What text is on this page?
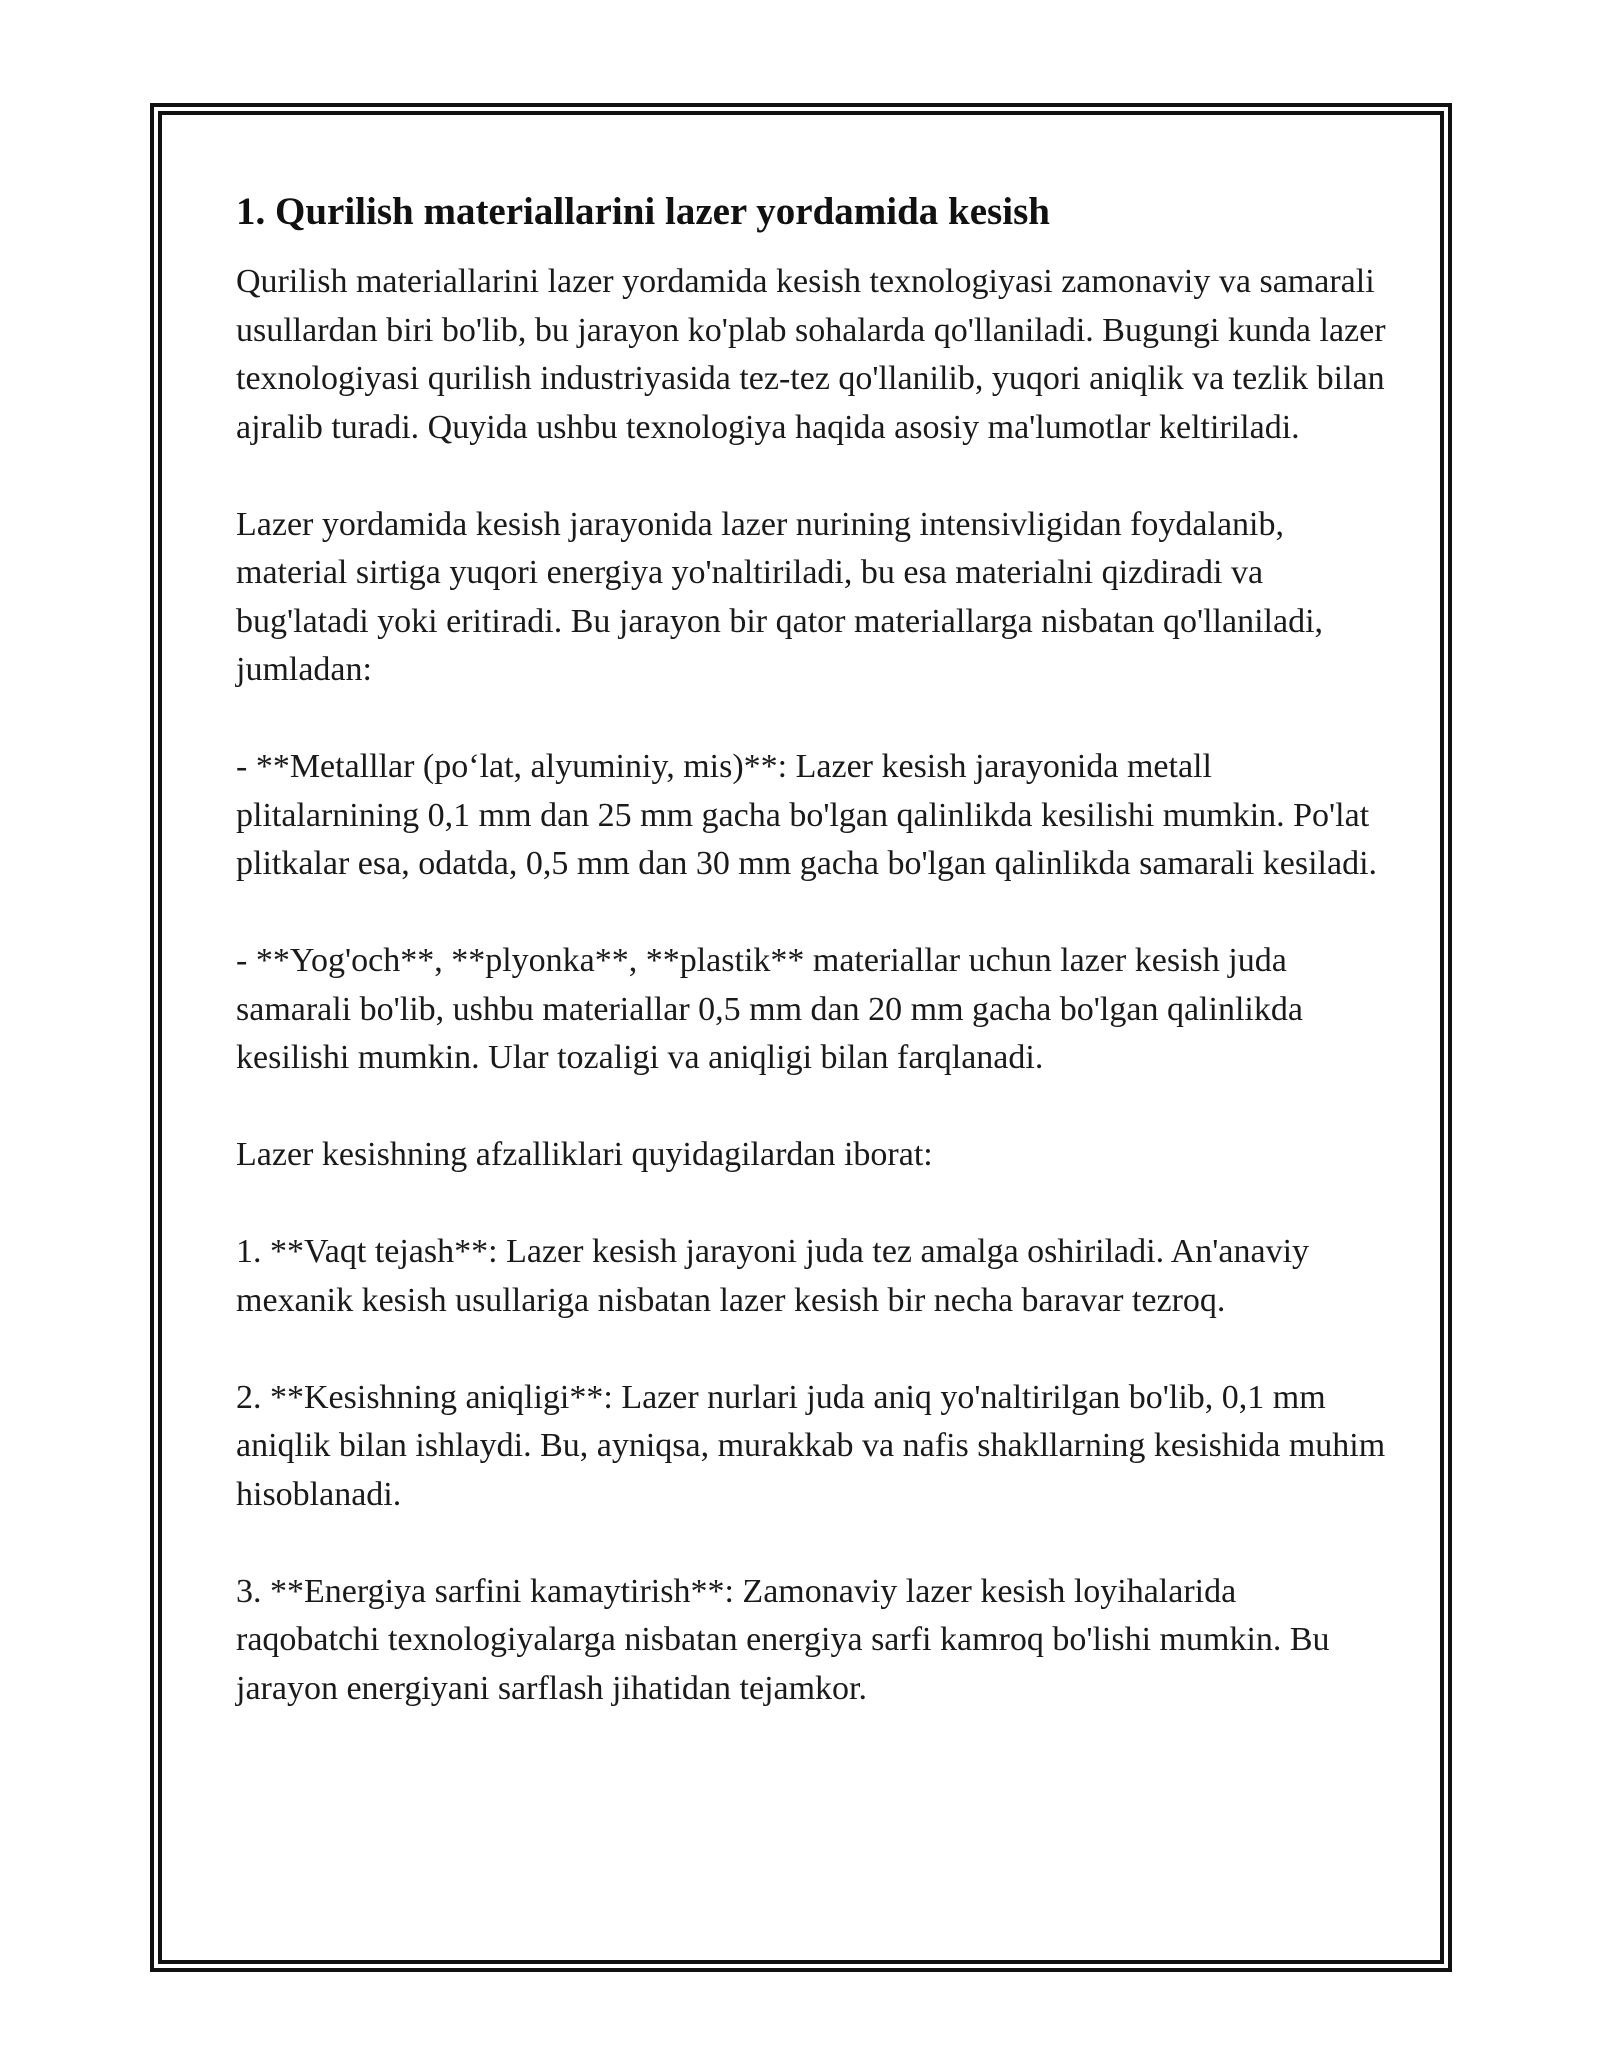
1. Qurilish materiallarini lazer yordamida kesish

Qurilish materiallarini lazer yordamida kesish texnologiyasi zamonaviy va samarali usullardan biri bo'lib, bu jarayon ko'plab sohalarda qo'llaniladi. Bugungi kunda lazer texnologiyasi qurilish industriyasida tez-tez qo'llanilib, yuqori aniqlik va tezlik bilan ajralib turadi. Quyida ushbu texnologiya haqida asosiy ma'lumotlar keltiriladi.

Lazer yordamida kesish jarayonida lazer nurining intensivligidan foydalanib, material sirtiga yuqori energiya yo'naltiriladi, bu esa materialni qizdiradi va bug'latadi yoki eritiradi. Bu jarayon bir qator materiallarga nisbatan qo'llaniladi, jumladan:

- **Metalllar (po‘lat, alyuminiy, mis)**: Lazer kesish jarayonida metall plitalarnining 0,1 mm dan 25 mm gacha bo'lgan qalinlikda kesilishi mumkin. Po'lat plitkalar esa, odatda, 0,5 mm dan 30 mm gacha bo'lgan qalinlikda samarali kesiladi.

- **Yog'och**, **plyonka**, **plastik** materiallar uchun lazer kesish juda samarali bo'lib, ushbu materiallar 0,5 mm dan 20 mm gacha bo'lgan qalinlikda kesilishi mumkin. Ular tozaligi va aniqligi bilan farqlanadi.

Lazer kesishning afzalliklari quyidagilardan iborat:

1. **Vaqt tejash**: Lazer kesish jarayoni juda tez amalga oshiriladi. An'anaviy mexanik kesish usullariga nisbatan lazer kesish bir necha baravar tezroq.

2. **Kesishning aniqligi**: Lazer nurlari juda aniq yo'naltirilgan bo'lib, 0,1 mm aniqlik bilan ishlaydi. Bu, ayniqsa, murakkab va nafis shakllarning kesishida muhim hisoblanadi.

3. **Energiya sarfini kamaytirish**: Zamonaviy lazer kesish loyihalarida raqobatchi texnologiyalarga nisbatan energiya sarfi kamroq bo'lishi mumkin. Bu jarayon energiyani sarflash jihatidan tejamkor.
